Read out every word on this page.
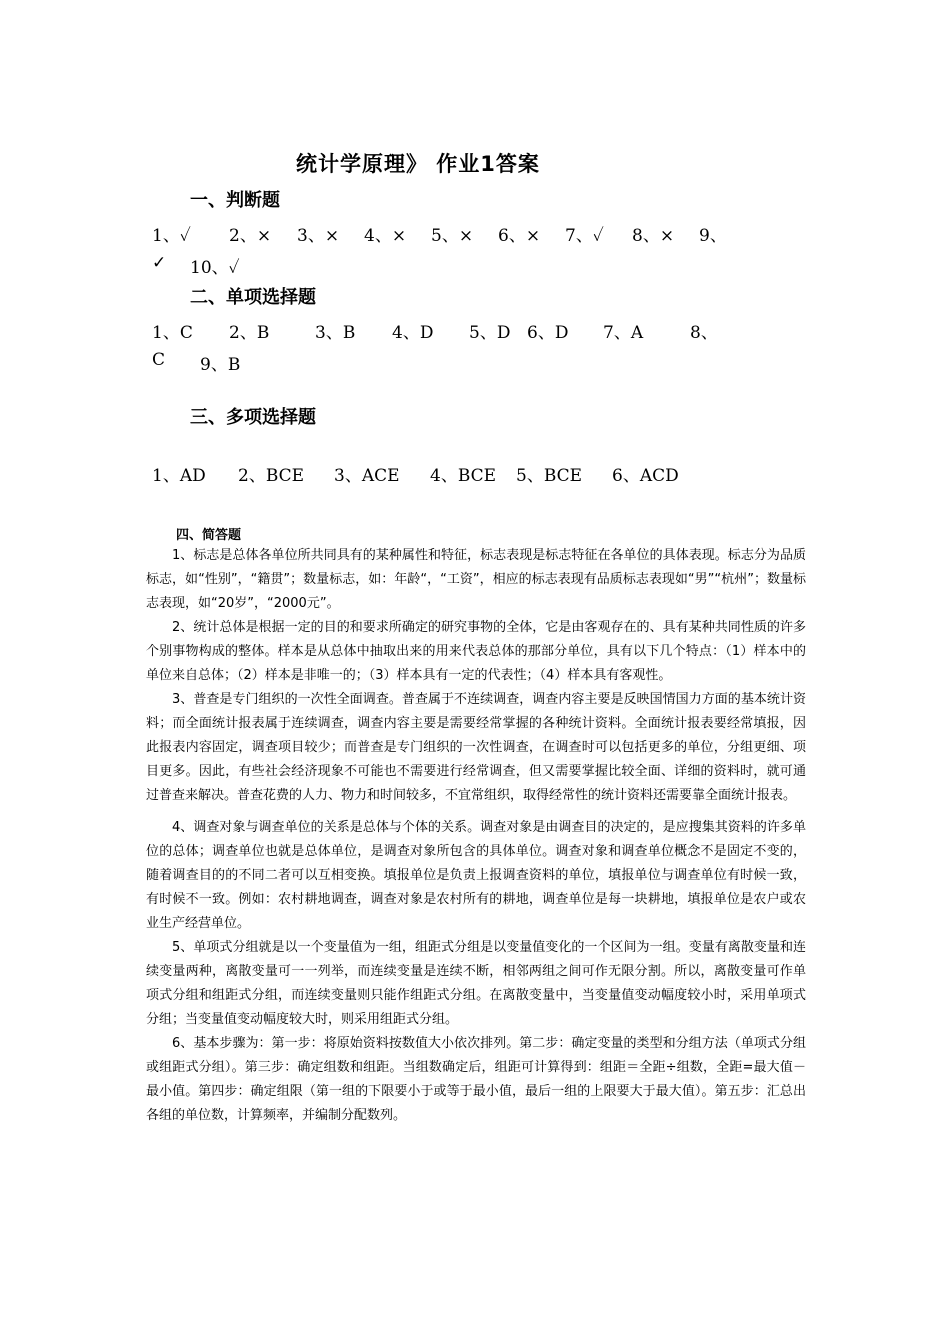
统计学原理》 作业1答案
一、判断题
1、✓ 2、× 3、× 4、× 5、× 6、× 7、✓ 8、× 9、
✓ 10、✓
二、单项选择题
1、C 2、B	3、B 4、D 5、D 6、D 7、A	8、
C 9、B
三、多项选择题
1、AD 2、BCE 3、ACE 4、BCE 5、BCE 6、ACD
四、简答题

1、标志是总体各单位所共同具有的某种属性和特征，标志表现是标志特征在各单位的具体表现。标志分为品质标志，如“性别”，“籍贯”；数量标志，如：年龄“，“工资”，相应的标志表现有品质标志表现如“男”“杭州”；数量标志表现，如“20岁”，“2000元”。

2、统计总体是根据一定的目的和要求所确定的研究事物的全体，它是由客观存在的、具有某种共同性质的许多个别事物构成的整体。样本是从总体中抽取出来的用来代表总体的那部分单位，具有以下几个特点：（1）样本中的单位来自总体；（2）样本是非唯一的；（3）样本具有一定的代表性；（4）样本具有客观性。

3、普查是专门组织的一次性全面调查。普查属于不连续调查，调查内容主要是反映国情国力方面的基本统计资料；而全面统计报表属于连续调查，调查内容主要是需要经常掌握的各种统计资料。全面统计报表要经常填报，因此报表内容固定，调查项目较少；而普查是专门组织的一次性调查，在调查时可以包括更多的单位，分组更细、项目更多。因此，有些社会经济现象不可能也不需要进行经常调查，但又需要掌握比较全面、详细的资料时，就可通过普查来解决。普查花费的人力、物力和时间较多，不宜常组织，取得经常性的统计资料还需要靠全面统计报表。

4、调查对象与调查单位的关系是总体与个体的关系。调查对象是由调查目的决定的，是应搜集其资料的许多单位的总体；调查单位也就是总体单位，是调查对象所包含的具体单位。调查对象和调查单位概念不是固定不变的，随着调查目的的不同二者可以互相变换。填报单位是负责上报调查资料的单位，填报单位与调查单位有时候一致，有时候不一致。例如：农村耕地调查，调查对象是农村所有的耕地，调查单位是每一块耕地，填报单位是农户或农业生产经营单位。

5、单项式分组就是以一个变量值为一组，组距式分组是以变量值变化的一个区间为一组。变量有离散变量和连续变量两种，离散变量可一一列举，而连续变量是连续不断，相邻两组之间可作无限分割。所以，离散变量可作单项式分组和组距式分组，而连续变量则只能作组距式分组。在离散变量中，当变量值变动幅度较小时，采用单项式分组；当变量值变动幅度较大时，则采用组距式分组。

6、基本步骤为：第一步：将原始资料按数值大小依次排列。第二步：确定变量的类型和分组方法（单项式分组或组距式分组）。第三步：确定组数和组距。当组数确定后，组距可计算得到：组距＝全距÷组数，全距=最大值－最小值。第四步：确定组限（第一组的下限要小于或等于最小值，最后一组的上限要大于最大值）。第五步：汇总出各组的单位数，计算频率，并编制分配数列。
